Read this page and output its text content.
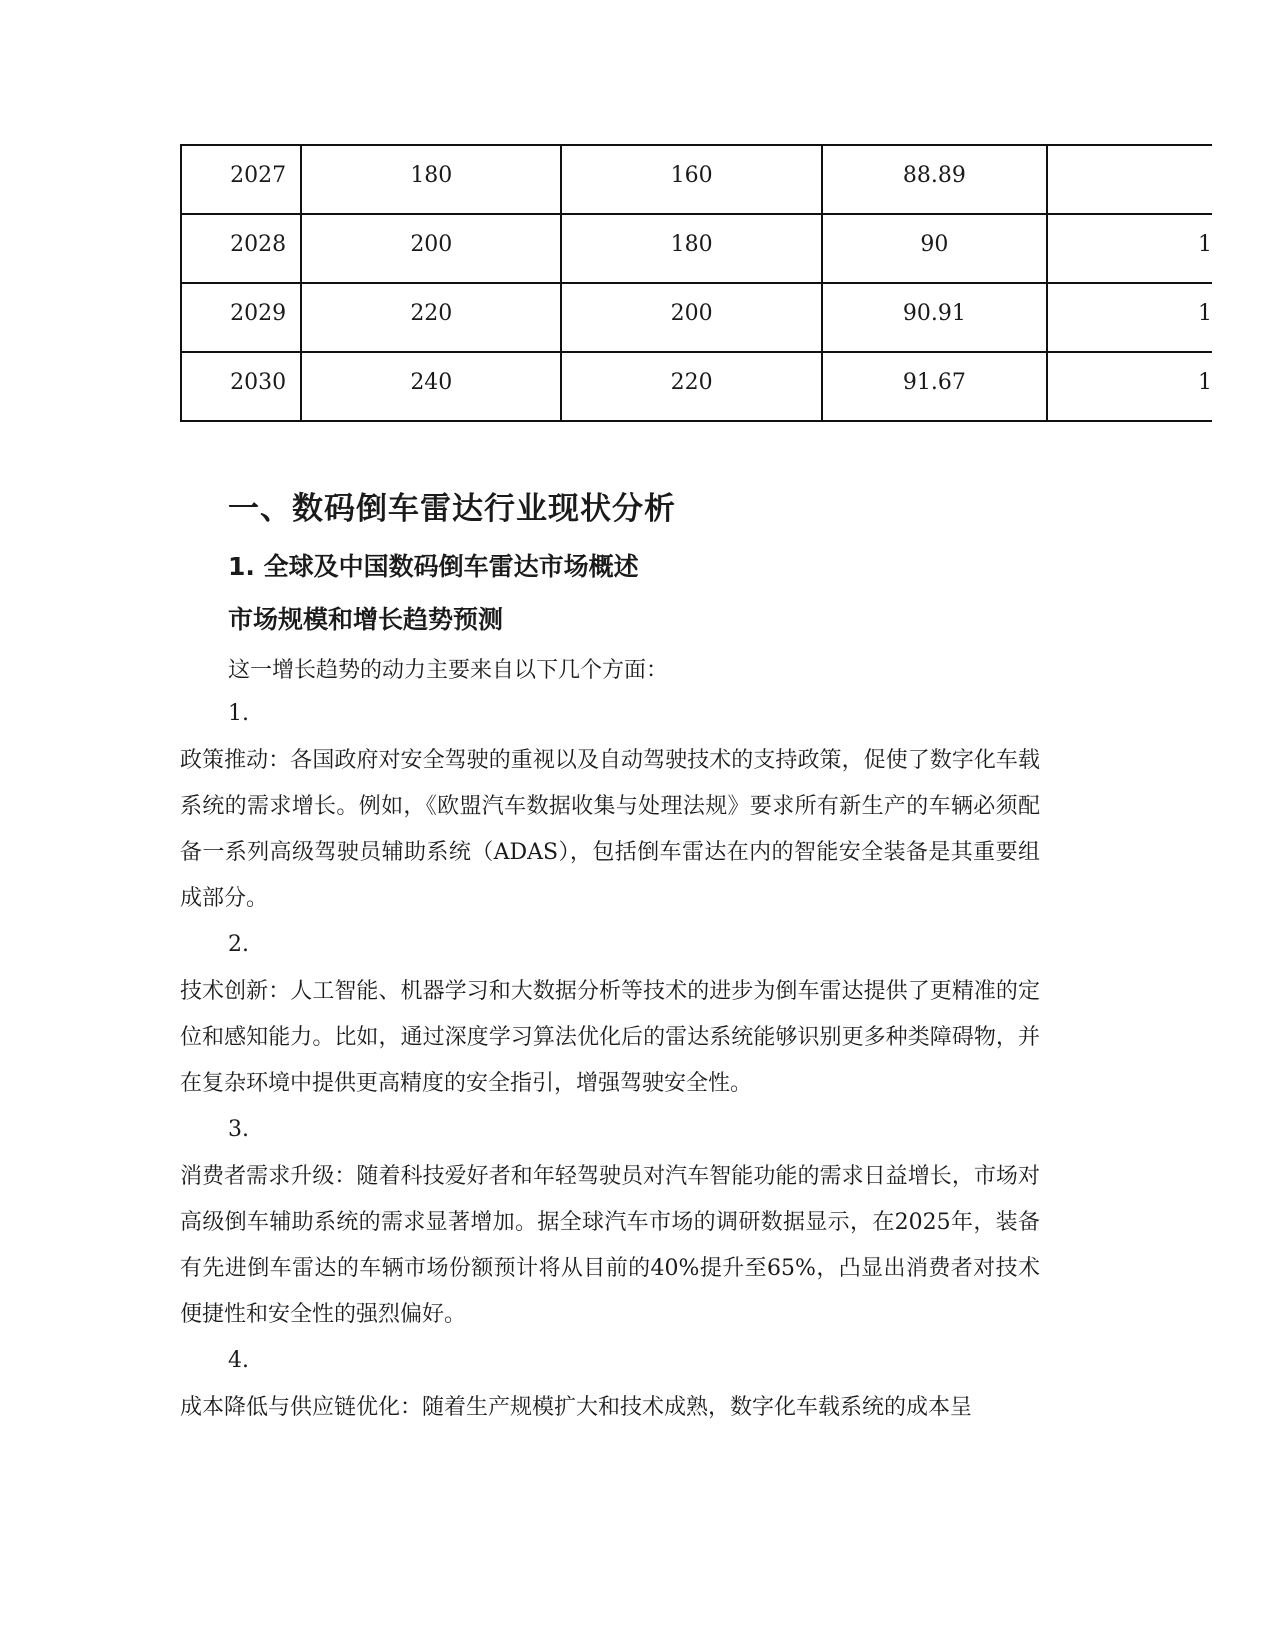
2027	180	160	88.89	
2028	200	180	90	1
2029	220	200	90.91	1
2030	240	220	91.67	1
一、数码倒车雷达行业现状分析
1. 全球及中国数码倒车雷达市场概述
市场规模和增长趋势预测

这一增长趋势的动力主要来自以下几个方面：

1.

政策推动：各国政府对安全驾驶的重视以及自动驾驶技术的支持政策，促使了数字化车载系统的需求增长。例如，《欧盟汽车数据收集与处理法规》要求所有新生产的车辆必须配备一系列高级驾驶员辅助系统（ADAS），包括倒车雷达在内的智能安全装备是其重要组成部分。

2.

技术创新：人工智能、机器学习和大数据分析等技术的进步为倒车雷达提供了更精准的定位和感知能力。比如，通过深度学习算法优化后的雷达系统能够识别更多种类障碍物，并在复杂环境中提供更高精度的安全指引，增强驾驶安全性。

3.

消费者需求升级：随着科技爱好者和年轻驾驶员对汽车智能功能的需求日益增长，市场对高级倒车辅助系统的需求显著增加。据全球汽车市场的调研数据显示，在2025年，装备有先进倒车雷达的车辆市场份额预计将从目前的40%提升至65%，凸显出消费者对技术便捷性和安全性的强烈偏好。

4.

成本降低与供应链优化：随着生产规模扩大和技术成熟，数字化车载系统的成本呈
